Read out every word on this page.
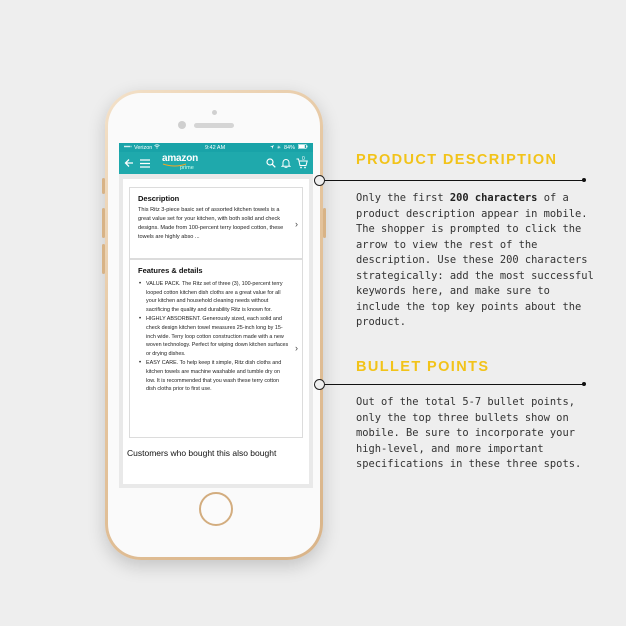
Verizon	9:42 AM	✳ 84%
amazon
prime
0
Description
This Ritz 3-piece basic set of assorted kitchen towels is a great value set for your kitchen, with both solid and check designs. Made from 100-percent terry looped cotton, these towels are highly abso ...
›
Features & details
• VALUE PACK. The Ritz set of three (3), 100-percent terry looped cotton kitchen dish cloths are a great value for all your kitchen and household cleaning needs without sacrificing the quality and durability Ritz is known for.
• HIGHLY ABSORBENT. Generously sized, each solid and check design kitchen towel measures 25-inch long by 15-inch wide. Terry loop cotton construction made with a new woven technology. Perfect for wiping down kitchen surfaces or drying dishes.
• EASY CARE. To help keep it simple, Ritz dish cloths and kitchen towels are machine washable and tumble dry on low. It is recommended that you wash these terry cotton dish cloths prior to first use.
›
Customers who bought this also bought
PRODUCT DESCRIPTION
Only the first 200 characters of a product description appear in mobile. The shopper is prompted to click the arrow to view the rest of the description. Use these 200 characters strategically: add the most successful keywords here, and make sure to include the top key points about the product.
BULLET POINTS
Out of the total 5-7 bullet points, only the top three bullets show on mobile. Be sure to incorporate your high-level, and more important specifications in these three spots.
